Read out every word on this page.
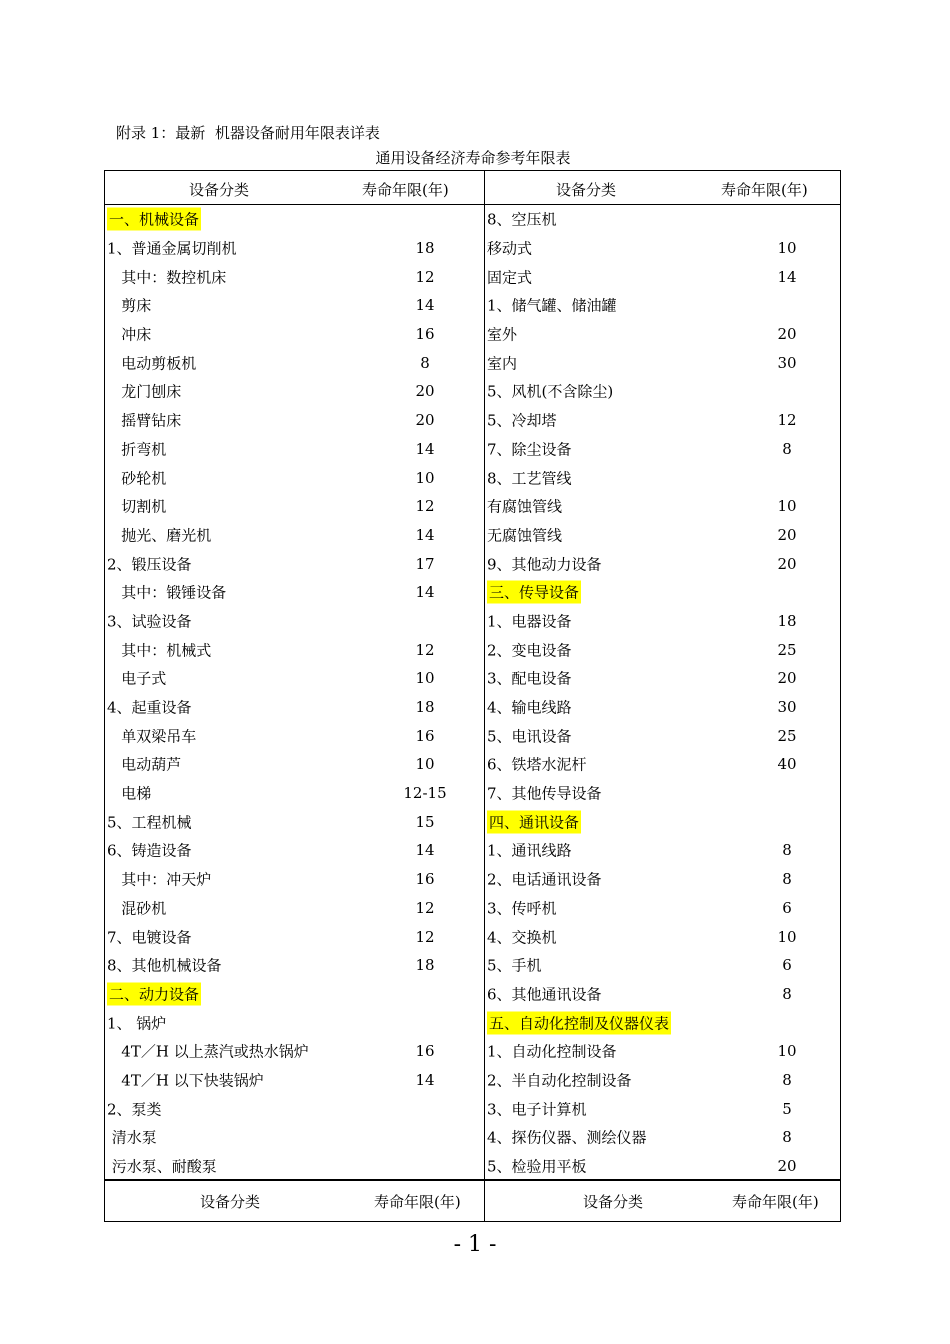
附录 1：最新  机器设备耐用年限表详表
通用设备经济寿命参考年限表
设备分类	寿命年限(年)	设备分类	寿命年限(年)
一、机械设备
1、普通金属切削机	18
其中：数控机床	12
剪床	14
冲床	16
电动剪板机	8
龙门刨床	20
摇臂钻床	20
折弯机	14
砂轮机	10
切割机	12
抛光、磨光机	14
2、锻压设备	17
其中：锻锤设备	14
3、试验设备
其中：机械式	12
电子式	10
4、起重设备	18
单双梁吊车	16
电动葫芦	10
电梯	12-15
5、工程机械	15
6、铸造设备	14
其中：冲天炉	16
混砂机	12
7、电镀设备	12
8、其他机械设备	18
二、动力设备
1、 锅炉
4T／H 以上蒸汽或热水锅炉	16
4T／H 以下快装锅炉	14
2、泵类
清水泵
污水泵、耐酸泵
8、空压机
移动式	10
固定式	14
1、储气罐、储油罐
室外	20
室内	30
5、风机(不含除尘)
5、冷却塔	12
7、除尘设备	8
8、工艺管线
有腐蚀管线	10
无腐蚀管线	20
9、其他动力设备	20
三、传导设备
1、电器设备	18
2、变电设备	25
3、配电设备	20
4、输电线路	30
5、电讯设备	25
6、铁塔水泥杆	40
7、其他传导设备
四、通讯设备
1、通讯线路	8
2、电话通讯设备	8
3、传呼机	6
4、交换机	10
5、手机	6
6、其他通讯设备	8
五、自动化控制及仪器仪表
1、自动化控制设备	10
2、半自动化控制设备	8
3、电子计算机	5
4、探伤仪器、测绘仪器	8
5、检验用平板	20
设备分类	寿命年限(年)	设备分类	寿命年限(年)
- 1 -
